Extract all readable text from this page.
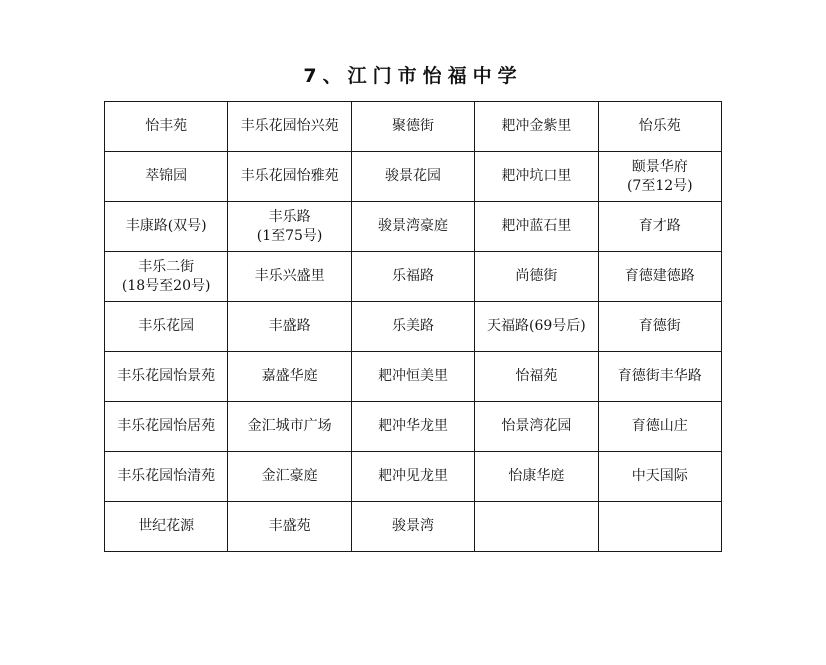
7、江门市怡福中学
怡丰苑	丰乐花园怡兴苑	聚德街	耙冲金紫里	怡乐苑

萃锦园	丰乐花园怡雅苑	骏景花园	耙冲坑口里	颐景华府
(7至12号)

丰康路(双号)	丰乐路
(1至75号)	骏景湾豪庭	耙冲蓝石里	育才路

丰乐二街
(18号至20号)	丰乐兴盛里	乐福路	尚德街	育德建德路

丰乐花园	丰盛路	乐美路	天福路(69号后)	育德街

丰乐花园怡景苑	嘉盛华庭	耙冲恒美里	怡福苑	育德街丰华路

丰乐花园怡居苑	金汇城市广场	耙冲华龙里	怡景湾花园	育德山庄

丰乐花园怡清苑	金汇豪庭	耙冲见龙里	怡康华庭	中天国际

世纪花源	丰盛苑	骏景湾		
